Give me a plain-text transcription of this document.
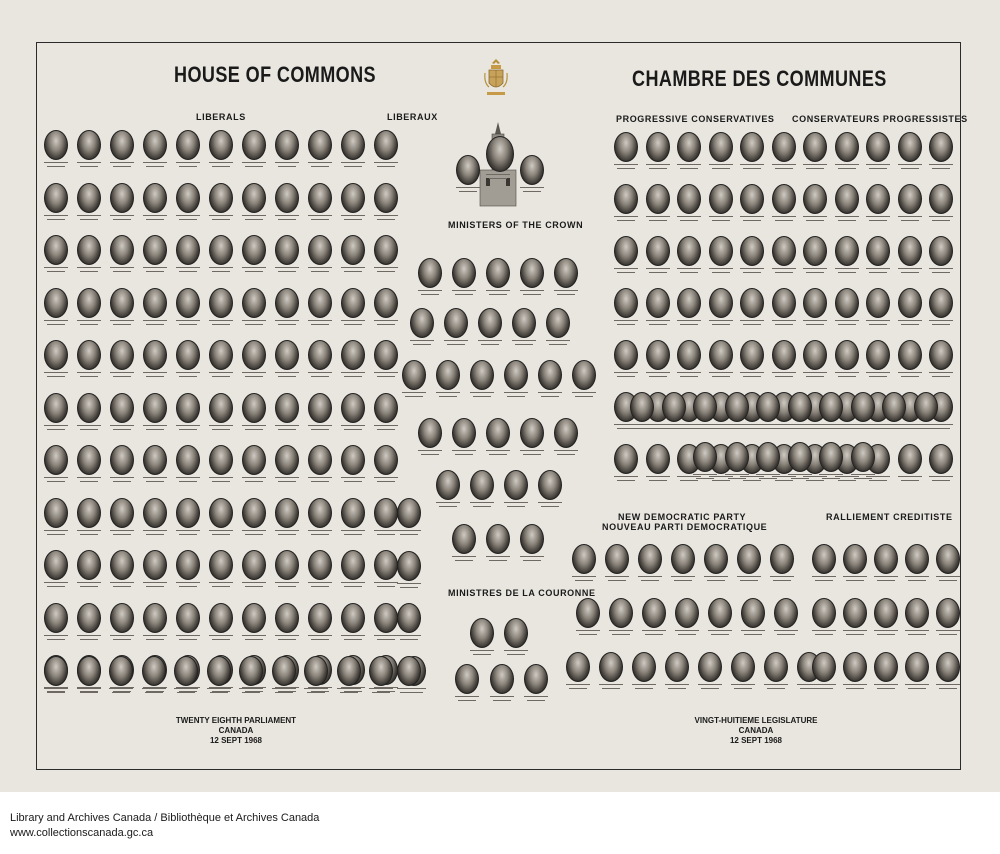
HOUSE OF COMMONS	CHAMBRE DES COMMUNES
LIBERALS	LIBERAUX
MINISTERS OF THE CROWN
MINISTRES DE LA COURONNE
PROGRESSIVE CONSERVATIVES CONSERVATEURS PROGRESSISTES
NEW DEMOCRATIC PARTY
NOUVEAU PARTI DEMOCRATIQUE
RALLIEMENT CREDITISTE
TWENTY EIGHTH PARLIAMENT
CANADA
12 SEPT 1968
VINGT-HUITIEME LEGISLATURE
CANADA
12 SEPT 1968
Library and Archives Canada / Bibliothèque et Archives Canada
www.collectionscanada.gc.ca
